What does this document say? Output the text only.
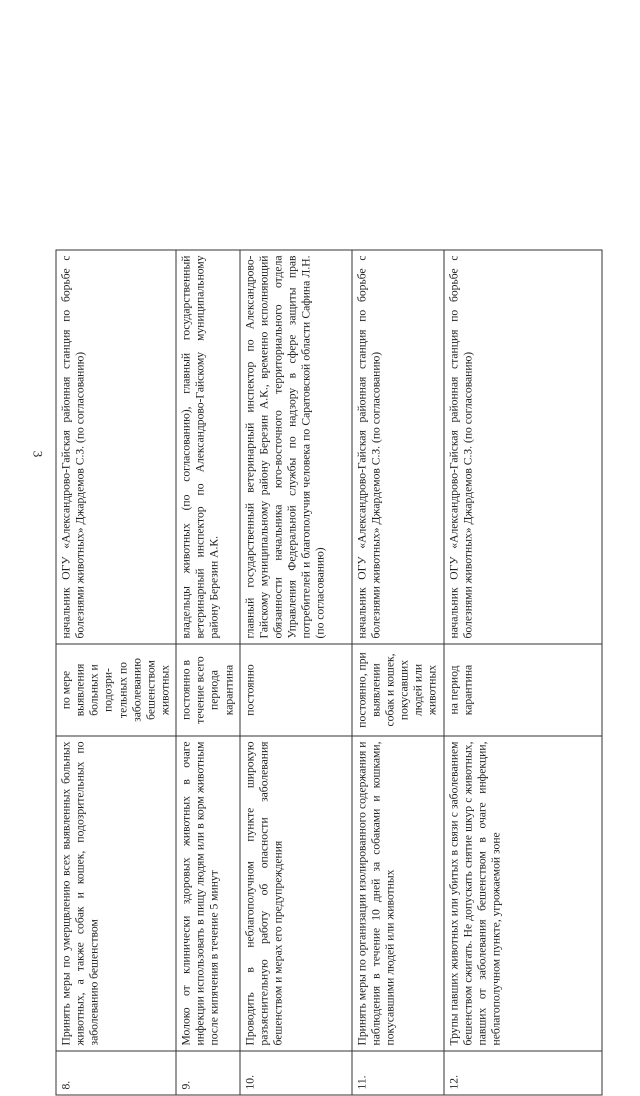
3
8.	Принять меры по умерщвлению всех выявленных больных животных, а также собак и кошек, подозрительных по заболеванию бешенством	по мере выявления больных и подозри-тельных по заболеванию бешенством животных	начальник ОГУ «Александрово-Гайская районная станция по борьбе с болезнями животных» Джардемов С.З. (по согласованию)
9.	Молоко от клинически здоровых животных в очаге инфекции использовать в пищу людям или в корм животным после кипячения в течение 5 минут	постоянно в течение всего периода карантина	владельцы животных (по согласованию), главный государственный ветеринарный инспектор по Александрово-Гайскому муниципальному району Березин А.К.
10.	Проводить в неблагополучном пункте широкую разъяснительную работу об опасности заболевания бешенством и мерах его предупреждения	постоянно	главный государственный ветеринарный инспектор по Александрово-Гайскому муниципальному району Березин А.К., временно исполняющий обязанности начальника юго-восточного территориального отдела Управления Федеральной службы по надзору в сфере защиты прав потребителей и благополучия человека по Саратовской области Сафина Л.Н. (по согласованию)
11.	Принять меры по организации изолированного содержания и наблюдения в течение 10 дней за собаками и кошками, покусавшими людей или животных	постоянно, при выявлении собак и кошек, покусавших людей или животных	начальник ОГУ «Александрово-Гайская районная станция по борьбе с болезнями животных» Джардемов С.З. (по согласованию)
12.	Трупы павших животных или убитых в связи с заболеванием бешенством сжигать. Не допускать снятие шкур с животных, павших от заболевания бешенством в очаге инфекции, неблагополучном пункте, угрожаемой зоне	на период карантина	начальник ОГУ «Александрово-Гайская районная станция по борьбе с болезнями животных» Джардемов С.З. (по согласованию)
